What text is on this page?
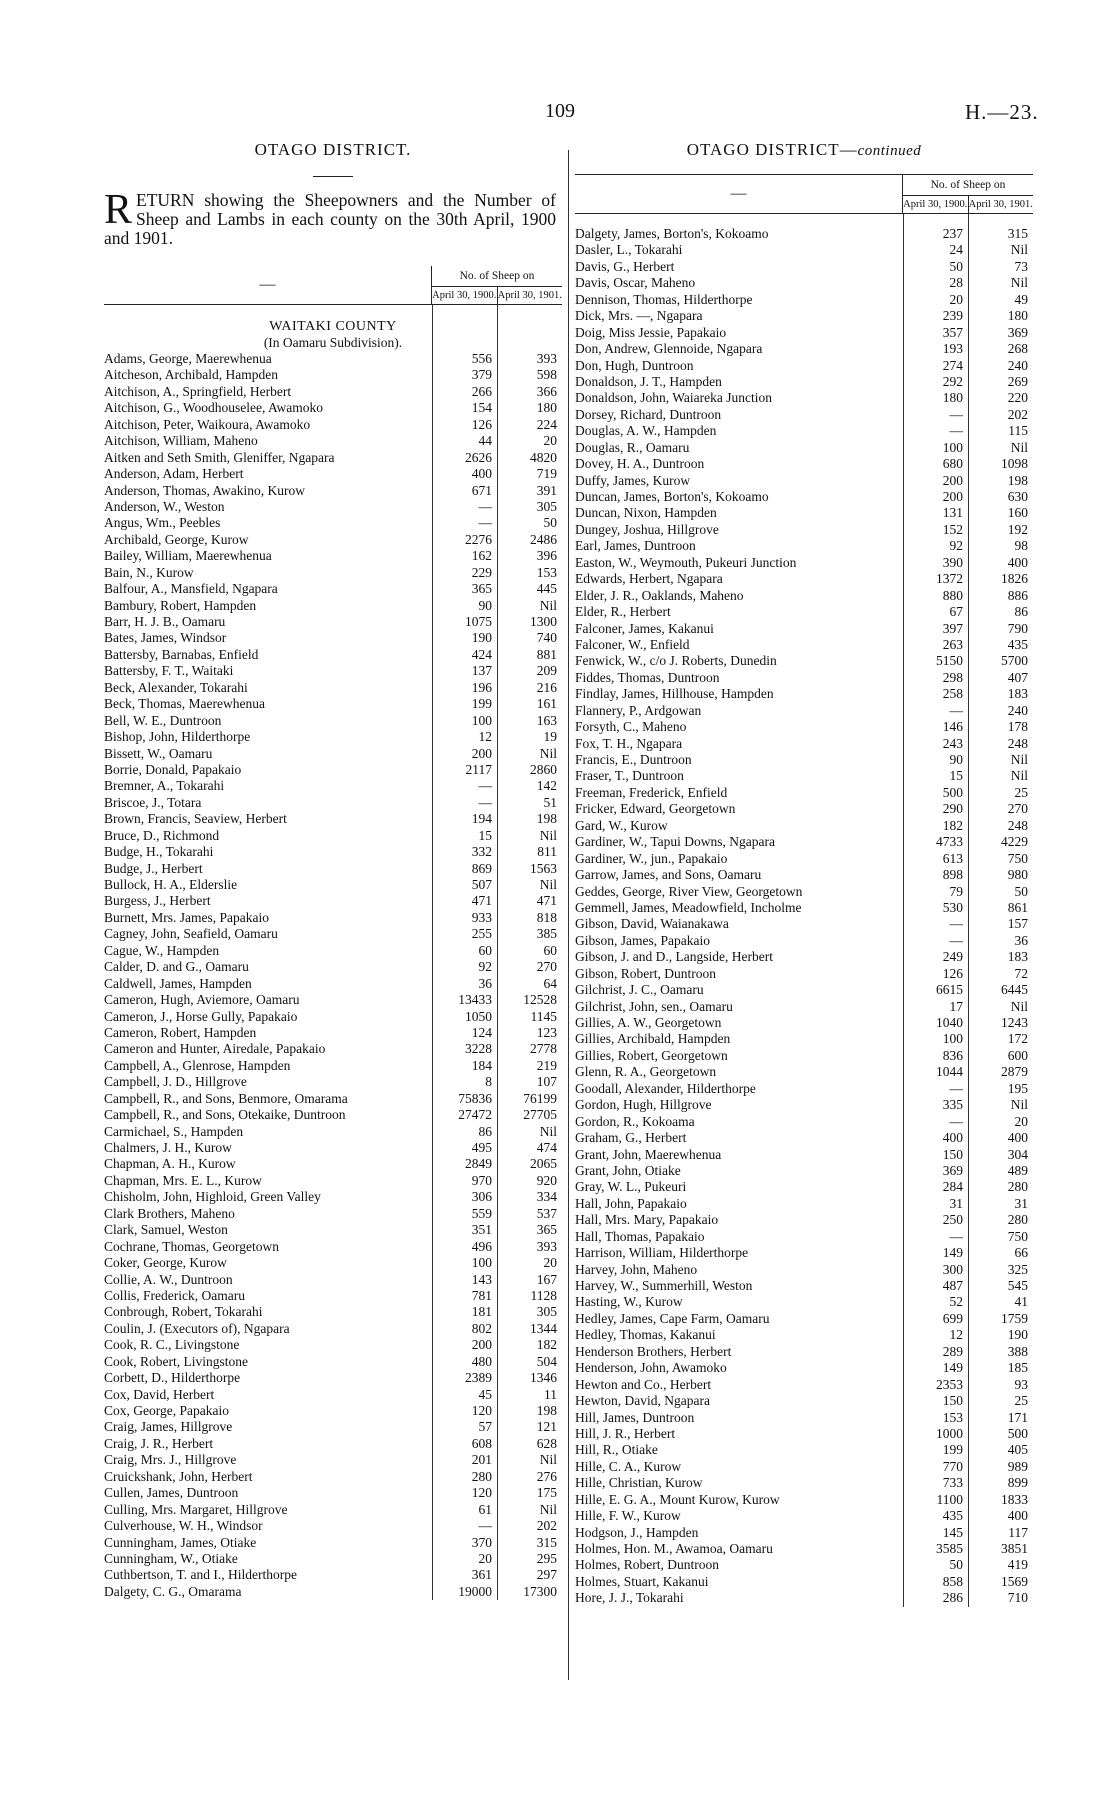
109	H.—23.
OTAGO DISTRICT.
R ETURN showing the Sheepowners and the Number of Sheep and Lambs in each county on the 30th April, 1900 and 1901.
—	No. of Sheep on
April 30, 1900. April 30, 1901.
WAITAKI COUNTY
(In Oamaru Subdivision).
Adams, George, Maerewhenua	556	393
Aitcheson, Archibald, Hampden	379	598
Aitchison, A., Springfield, Herbert	266	366
Aitchison, G., Woodhouselee, Awamoko	154	180
Aitchison, Peter, Waikoura, Awamoko	126	224
Aitchison, William, Maheno	44	20
Aitken and Seth Smith, Gleniffer, Ngapara	2626	4820
Anderson, Adam, Herbert	400	719
Anderson, Thomas, Awakino, Kurow	671	391
Anderson, W., Weston	—	305
Angus, Wm., Peebles	—	50
Archibald, George, Kurow	2276	2486
Bailey, William, Maerewhenua	162	396
Bain, N., Kurow	229	153
Balfour, A., Mansfield, Ngapara	365	445
Bambury, Robert, Hampden	90	Nil
Barr, H. J. B., Oamaru	1075	1300
Bates, James, Windsor	190	740
Battersby, Barnabas, Enfield	424	881
Battersby, F. T., Waitaki	137	209
Beck, Alexander, Tokarahi	196	216
Beck, Thomas, Maerewhenua	199	161
Bell, W. E., Duntroon	100	163
Bishop, John, Hilderthorpe	12	19
Bissett, W., Oamaru	200	Nil
Borrie, Donald, Papakaio	2117	2860
Bremner, A., Tokarahi	—	142
Briscoe, J., Totara	—	51
Brown, Francis, Seaview, Herbert	194	198
Bruce, D., Richmond	15	Nil
Budge, H., Tokarahi	332	811
Budge, J., Herbert	869	1563
Bullock, H. A., Elderslie	507	Nil
Burgess, J., Herbert	471	471
Burnett, Mrs. James, Papakaio	933	818
Cagney, John, Seafield, Oamaru	255	385
Cague, W., Hampden	60	60
Calder, D. and G., Oamaru	92	270
Caldwell, James, Hampden	36	64
Cameron, Hugh, Aviemore, Oamaru	13433	12528
Cameron, J., Horse Gully, Papakaio	1050	1145
Cameron, Robert, Hampden	124	123
Cameron and Hunter, Airedale, Papakaio	3228	2778
Campbell, A., Glenrose, Hampden	184	219
Campbell, J. D., Hillgrove	8	107
Campbell, R., and Sons, Benmore, Omarama	75836	76199
Campbell, R., and Sons, Otekaike, Duntroon	27472	27705
Carmichael, S., Hampden	86	Nil
Chalmers, J. H., Kurow	495	474
Chapman, A. H., Kurow	2849	2065
Chapman, Mrs. E. L., Kurow	970	920
Chisholm, John, Highloid, Green Valley	306	334
Clark Brothers, Maheno	559	537
Clark, Samuel, Weston	351	365
Cochrane, Thomas, Georgetown	496	393
Coker, George, Kurow	100	20
Collie, A. W., Duntroon	143	167
Collis, Frederick, Oamaru	781	1128
Conbrough, Robert, Tokarahi	181	305
Coulin, J. (Executors of), Ngapara	802	1344
Cook, R. C., Livingstone	200	182
Cook, Robert, Livingstone	480	504
Corbett, D., Hilderthorpe	2389	1346
Cox, David, Herbert	45	11
Cox, George, Papakaio	120	198
Craig, James, Hillgrove	57	121
Craig, J. R., Herbert	608	628
Craig, Mrs. J., Hillgrove	201	Nil
Cruickshank, John, Herbert	280	276
Cullen, James, Duntroon	120	175
Culling, Mrs. Margaret, Hillgrove	61	Nil
Culverhouse, W. H., Windsor	—	202
Cunningham, James, Otiake	370	315
Cunningham, W., Otiake	20	295
Cuthbertson, T. and I., Hilderthorpe	361	297
Dalgety, C. G., Omarama	19000	17300
OTAGO DISTRICT—continued
—	No. of Sheep on
April 30, 1900. April 30, 1901.
Dalgety, James, Borton's, Kokoamo	237	315
Dasler, L., Tokarahi	24	Nil
Davis, G., Herbert	50	73
Davis, Oscar, Maheno	28	Nil
Dennison, Thomas, Hilderthorpe	20	49
Dick, Mrs. —, Ngapara	239	180
Doig, Miss Jessie, Papakaio	357	369
Don, Andrew, Glennoide, Ngapara	193	268
Don, Hugh, Duntroon	274	240
Donaldson, J. T., Hampden	292	269
Donaldson, John, Waiareka Junction	180	220
Dorsey, Richard, Duntroon	—	202
Douglas, A. W., Hampden	—	115
Douglas, R., Oamaru	100	Nil
Dovey, H. A., Duntroon	680	1098
Duffy, James, Kurow	200	198
Duncan, James, Borton's, Kokoamo	200	630
Duncan, Nixon, Hampden	131	160
Dungey, Joshua, Hillgrove	152	192
Earl, James, Duntroon	92	98
Easton, W., Weymouth, Pukeuri Junction	390	400
Edwards, Herbert, Ngapara	1372	1826
Elder, J. R., Oaklands, Maheno	880	886
Elder, R., Herbert	67	86
Falconer, James, Kakanui	397	790
Falconer, W., Enfield	263	435
Fenwick, W., c/o J. Roberts, Dunedin	5150	5700
Fiddes, Thomas, Duntroon	298	407
Findlay, James, Hillhouse, Hampden	258	183
Flannery, P., Ardgowan	—	240
Forsyth, C., Maheno	146	178
Fox, T. H., Ngapara	243	248
Francis, E., Duntroon	90	Nil
Fraser, T., Duntroon	15	Nil
Freeman, Frederick, Enfield	500	25
Fricker, Edward, Georgetown	290	270
Gard, W., Kurow	182	248
Gardiner, W., Tapui Downs, Ngapara	4733	4229
Gardiner, W., jun., Papakaio	613	750
Garrow, James, and Sons, Oamaru	898	980
Geddes, George, River View, Georgetown	79	50
Gemmell, James, Meadowfield, Incholme	530	861
Gibson, David, Waianakawa	—	157
Gibson, James, Papakaio	—	36
Gibson, J. and D., Langside, Herbert	249	183
Gibson, Robert, Duntroon	126	72
Gilchrist, J. C., Oamaru	6615	6445
Gilchrist, John, sen., Oamaru	17	Nil
Gillies, A. W., Georgetown	1040	1243
Gillies, Archibald, Hampden	100	172
Gillies, Robert, Georgetown	836	600
Glenn, R. A., Georgetown	1044	2879
Goodall, Alexander, Hilderthorpe	—	195
Gordon, Hugh, Hillgrove	335	Nil
Gordon, R., Kokoama	—	20
Graham, G., Herbert	400	400
Grant, John, Maerewhenua	150	304
Grant, John, Otiake	369	489
Gray, W. L., Pukeuri	284	280
Hall, John, Papakaio	31	31
Hall, Mrs. Mary, Papakaio	250	280
Hall, Thomas, Papakaio	—	750
Harrison, William, Hilderthorpe	149	66
Harvey, John, Maheno	300	325
Harvey, W., Summerhill, Weston	487	545
Hasting, W., Kurow	52	41
Hedley, James, Cape Farm, Oamaru	699	1759
Hedley, Thomas, Kakanui	12	190
Henderson Brothers, Herbert	289	388
Henderson, John, Awamoko	149	185
Hewton and Co., Herbert	2353	93
Hewton, David, Ngapara	150	25
Hill, James, Duntroon	153	171
Hill, J. R., Herbert	1000	500
Hill, R., Otiake	199	405
Hille, C. A., Kurow	770	989
Hille, Christian, Kurow	733	899
Hille, E. G. A., Mount Kurow, Kurow	1100	1833
Hille, F. W., Kurow	435	400
Hodgson, J., Hampden	145	117
Holmes, Hon. M., Awamoa, Oamaru	3585	3851
Holmes, Robert, Duntroon	50	419
Holmes, Stuart, Kakanui	858	1569
Hore, J. J., Tokarahi	286	710
